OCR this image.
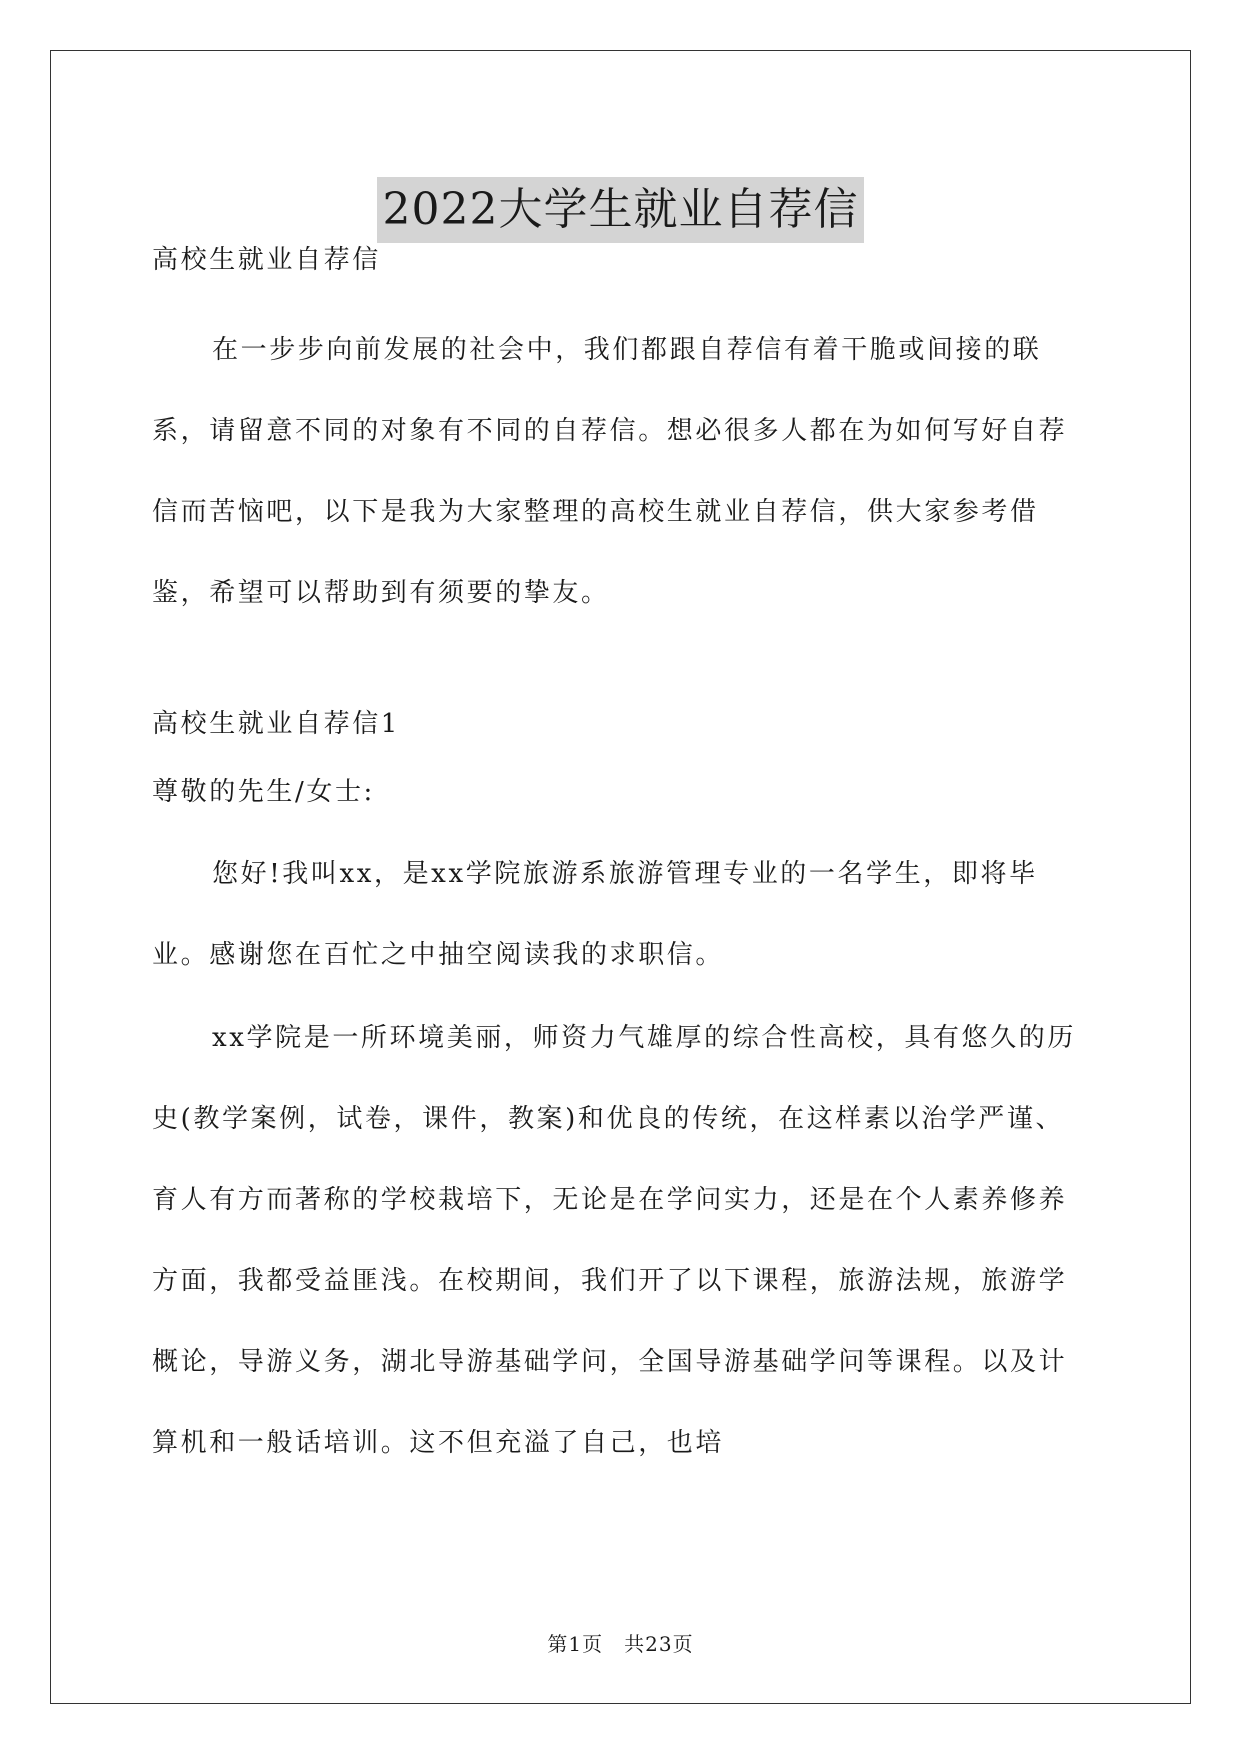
2022大学生就业自荐信

高校生就业自荐信

在一步步向前发展的社会中，我们都跟自荐信有着干脆或间接的联系，请留意不同的对象有不同的自荐信。想必很多人都在为如何写好自荐信而苦恼吧，以下是我为大家整理的高校生就业自荐信，供大家参考借鉴，希望可以帮助到有须要的挚友。

高校生就业自荐信1

尊敬的先生/女士:

您好!我叫xx，是xx学院旅游系旅游管理专业的一名学生，即将毕业。感谢您在百忙之中抽空阅读我的求职信。

xx学院是一所环境美丽，师资力气雄厚的综合性高校，具有悠久的历史(教学案例，试卷，课件，教案)和优良的传统，在这样素以治学严谨、育人有方而著称的学校栽培下，无论是在学问实力，还是在个人素养修养方面，我都受益匪浅。在校期间，我们开了以下课程，旅游法规，旅游学概论，导游义务，湖北导游基础学问，全国导游基础学问等课程。以及计算机和一般话培训。这不但充溢了自己，也培

第1页　共23页
